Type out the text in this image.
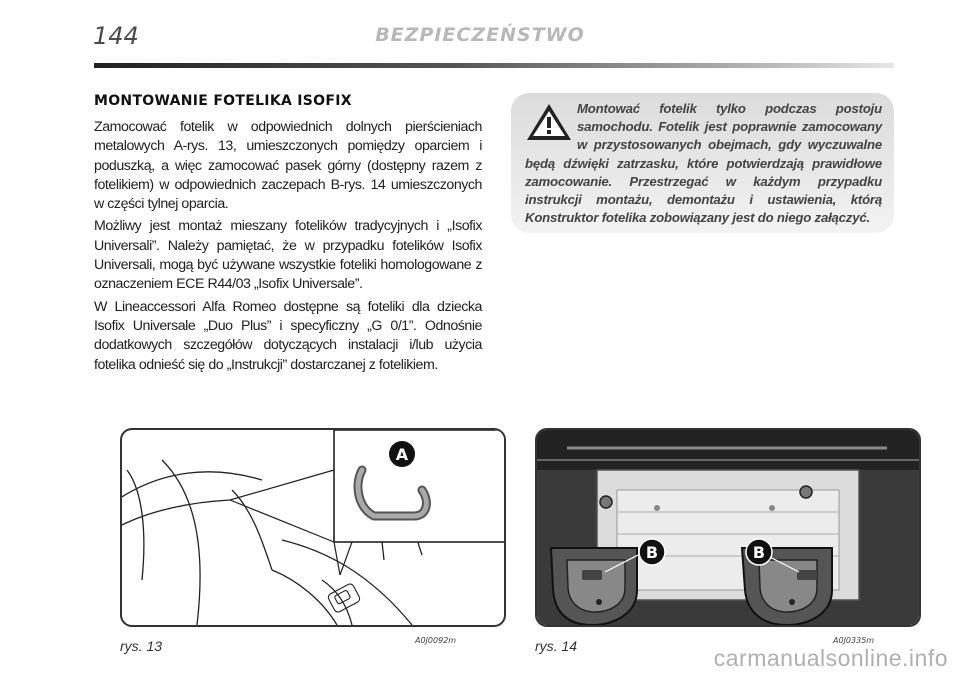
144	BEZPIECZEŃSTWO
MONTOWANIE FOTELIKA ISOFIX

Zamocować fotelik w odpowiednich dolnych pierścieniach metalowych A-rys. 13, umieszczonych pomiędzy oparciem i poduszką, a więc zamocować pasek górny (dostępny razem z fotelikiem) w odpowiednich zaczepach B-rys. 14 umieszczonych w części tylnej oparcia.

Możliwy jest montaż mieszany fotelików tradycyjnych i „Isofix Universali”. Należy pamiętać, że w przypadku fotelików Isofix Universali, mogą być używane wszystkie foteliki homologowane z oznaczeniem ECE R44/03 „Isofix Universale”.

W Lineaccessori Alfa Romeo dostępne są foteliki dla dziecka Isofix Universale „Duo Plus” i specyficzny „G 0/1”. Odnośnie dodatkowych szczegółów dotyczących instalacji i/lub użycia fotelika odnieść się do „Instrukcji” dostarczanej z fotelikiem.

Montować fotelik tylko podczas postoju samochodu. Fotelik jest poprawnie zamocowany w przystosowanych obejmach, gdy wyczuwalne będą dźwięki zatrzasku, które potwierdzają prawidłowe zamocowanie. Przestrzegać w każdym przypadku instrukcji montażu, demontażu i ustawienia, którą Konstruktor fotelika zobowiązany jest do niego załączyć.
A
B	B
rys. 13	A0J0092m	rys. 14	A0J0335m
carmanualsonline.info
